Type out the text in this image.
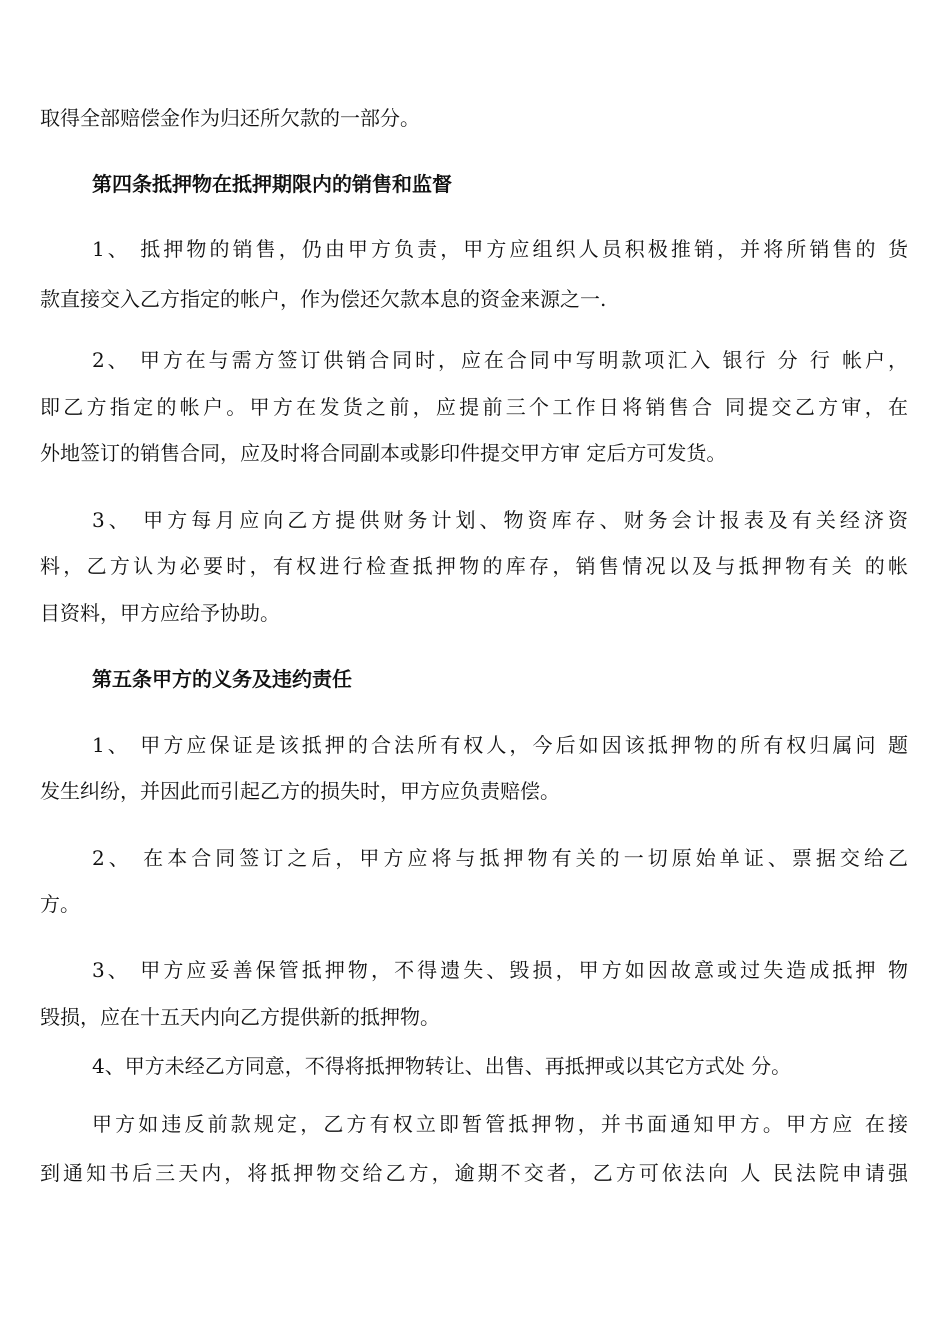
取得全部赔偿金作为归还所欠款的一部分。
第四条抵押物在抵押期限内的销售和监督
1、 抵押物的销售，仍由甲方负责，甲方应组织人员积极推销，并将所销售的 货
款直接交入乙方指定的帐户，作为偿还欠款本息的资金来源之一.
2、 甲方在与需方签订供销合同时，应在合同中写明款项汇入 银行 分 行 帐户，
即乙方指定的帐户。甲方在发货之前，应提前三个工作日将销售合 同提交乙方审，在
外地签订的销售合同，应及时将合同副本或影印件提交甲方审 定后方可发货。
3、 甲方每月应向乙方提供财务计划、物资库存、财务会计报表及有关经济资
料，乙方认为必要时，有权进行检查抵押物的库存，销售情况以及与抵押物有关 的帐
目资料，甲方应给予协助。
第五条甲方的义务及违约责任
1、 甲方应保证是该抵押的合法所有权人，今后如因该抵押物的所有权归属问 题
发生纠纷，并因此而引起乙方的损失时，甲方应负责赔偿。
2、 在本合同签订之后，甲方应将与抵押物有关的一切原始单证、票据交给乙
方。
3、 甲方应妥善保管抵押物，不得遗失、毁损，甲方如因故意或过失造成抵押 物
毁损，应在十五天内向乙方提供新的抵押物。
4、甲方未经乙方同意，不得将抵押物转让、出售、再抵押或以其它方式处 分。
甲方如违反前款规定，乙方有权立即暂管抵押物，并书面通知甲方。甲方应 在接
到通知书后三天内，将抵押物交给乙方，逾期不交者，乙方可依法向 人 民法院申请强
